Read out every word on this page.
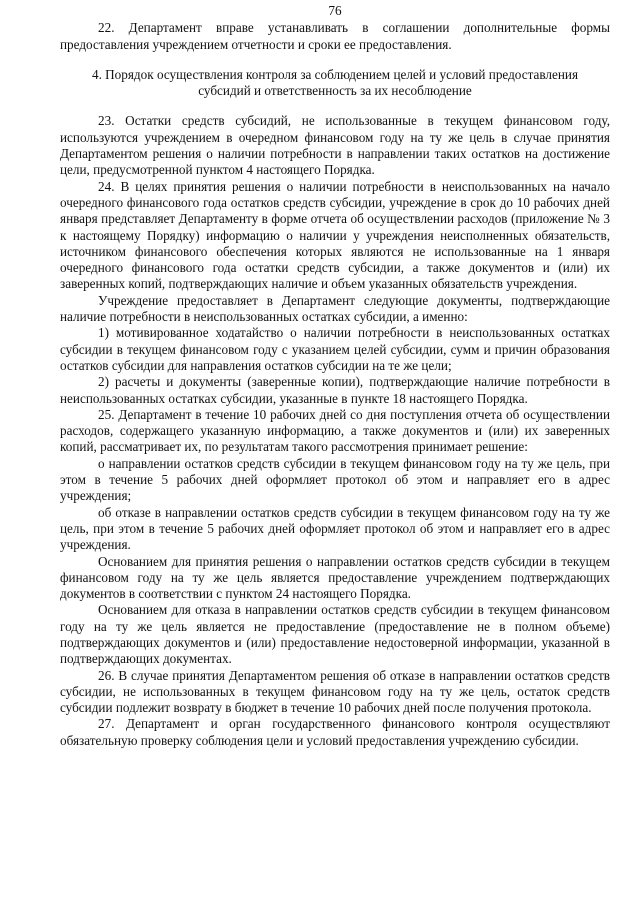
76

22. Департамент вправе устанавливать в соглашении дополнительные формы предоставления учреждением отчетности и сроки ее предоставления.

4. Порядок осуществления контроля за соблюдением целей и условий предоставления субсидий и ответственность за их несоблюдение

23. Остатки средств субсидий, не использованные в текущем финансовом году, используются учреждением в очередном финансовом году на ту же цель в случае принятия Департаментом решения о наличии потребности в направлении таких остатков на достижение цели, предусмотренной пунктом 4 настоящего Порядка.

24. В целях принятия решения о наличии потребности в неиспользованных на начало очередного финансового года остатков средств субсидии, учреждение в срок до 10 рабочих дней января представляет Департаменту в форме отчета об осуществлении расходов (приложение № 3 к настоящему Порядку) информацию о наличии у учреждения неисполненных обязательств, источником финансового обеспечения которых являются не использованные на 1 января очередного финансового года остатки средств субсидии, а также документов и (или) их заверенных копий, подтверждающих наличие и объем указанных обязательств учреждения.

Учреждение предоставляет в Департамент следующие документы, подтверждающие наличие потребности в неиспользованных остатках субсидии, а именно:

1) мотивированное ходатайство о наличии потребности в неиспользованных остатках субсидии в текущем финансовом году с указанием целей субсидии, сумм и причин образования остатков субсидии для направления остатков субсидии на те же цели;

2) расчеты и документы (заверенные копии), подтверждающие наличие потребности в неиспользованных остатках субсидии, указанные в пункте 18 настоящего Порядка.

25. Департамент в течение 10 рабочих дней со дня поступления отчета об осуществлении расходов, содержащего указанную информацию, а также документов и (или) их заверенных копий, рассматривает их, по результатам такого рассмотрения принимает решение:

о направлении остатков средств субсидии в текущем финансовом году на ту же цель, при этом в течение 5 рабочих дней оформляет протокол об этом и направляет его в адрес учреждения;

об отказе в направлении остатков средств субсидии в текущем финансовом году на ту же цель, при этом в течение 5 рабочих дней оформляет протокол об этом и направляет его в адрес учреждения.

Основанием для принятия решения о направлении остатков средств субсидии в текущем финансовом году на ту же цель является предоставление учреждением подтверждающих документов в соответствии с пунктом 24 настоящего Порядка.

Основанием для отказа в направлении остатков средств субсидии в текущем финансовом году на ту же цель является не предоставление (предоставление не в полном объеме) подтверждающих документов и (или) предоставление недостоверной информации, указанной в подтверждающих документах.

26. В случае принятия Департаментом решения об отказе в направлении остатков средств субсидии, не использованных в текущем финансовом году на ту же цель, остаток средств субсидии подлежит возврату в бюджет в течение 10 рабочих дней после получения протокола.

27. Департамент и орган государственного финансового контроля осуществляют обязательную проверку соблюдения цели и условий предоставления учреждению субсидии.
